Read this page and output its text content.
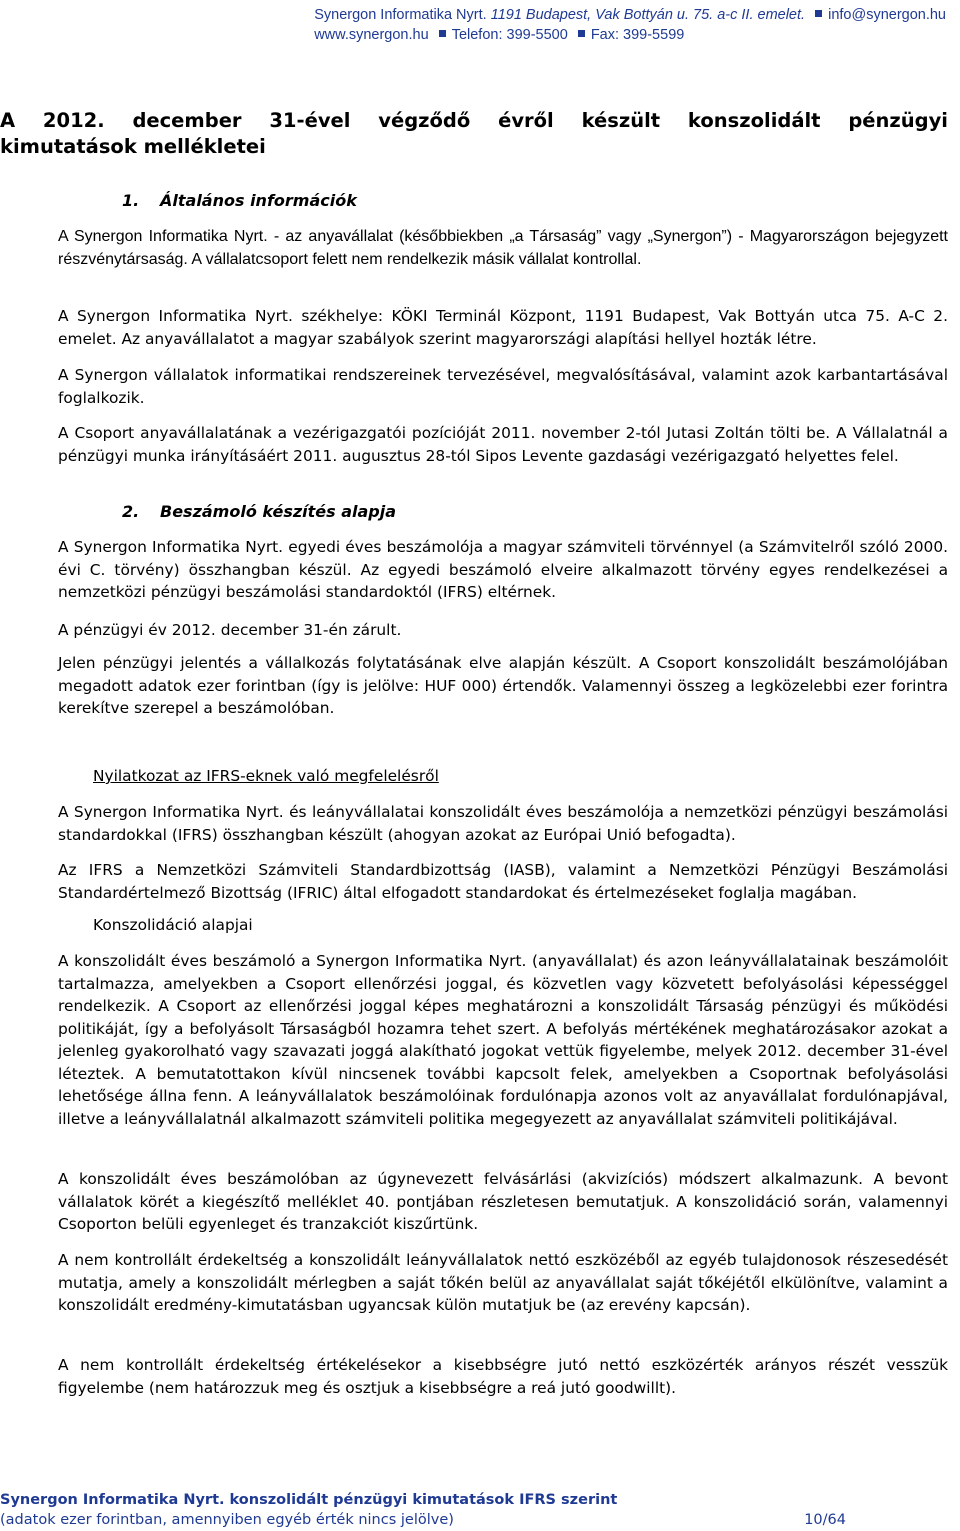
Synergon Informatika Nyrt. 1191 Budapest, Vak Bottyán u. 75. a-c II. emelet. info@synergon.hu
www.synergon.hu Telefon: 399-5500 Fax: 399-5599
A 2012. december 31-ével végződő évről készült konszolidált pénzügyi
kimutatások mellékletei
1. Általános információk
A Synergon Informatika Nyrt. - az anyavállalat (későbbiekben „a Társaság” vagy „Synergon”) - Magyarországon bejegyzett részvénytársaság. A vállalatcsoport felett nem rendelkezik másik vállalat kontrollal.
A Synergon Informatika Nyrt. székhelye: KÖKI Terminál Központ, 1191 Budapest, Vak Bottyán utca 75. A-C 2. emelet. Az anyavállalatot a magyar szabályok szerint magyarországi alapítási hellyel hozták létre.
A Synergon vállalatok informatikai rendszereinek tervezésével, megvalósításával, valamint azok karbantartásával foglalkozik.
A Csoport anyavállalatának a vezérigazgatói pozícióját 2011. november 2-tól Jutasi Zoltán tölti be. A Vállalatnál a pénzügyi munka irányításáért 2011. augusztus 28-tól Sipos Levente gazdasági vezérigazgató helyettes felel.
2. Beszámoló készítés alapja
A Synergon Informatika Nyrt. egyedi éves beszámolója a magyar számviteli törvénnyel (a Számvitelről szóló 2000. évi C. törvény) összhangban készül. Az egyedi beszámoló elveire alkalmazott törvény egyes rendelkezései a nemzetközi pénzügyi beszámolási standardoktól (IFRS) eltérnek.
A pénzügyi év 2012. december 31-én zárult.
Jelen pénzügyi jelentés a vállalkozás folytatásának elve alapján készült. A Csoport konszolidált beszámolójában megadott adatok ezer forintban (így is jelölve: HUF 000) értendők. Valamennyi összeg a legközelebbi ezer forintra kerekítve szerepel a beszámolóban.
Nyilatkozat az IFRS-eknek való megfelelésről
A Synergon Informatika Nyrt. és leányvállalatai konszolidált éves beszámolója a nemzetközi pénzügyi beszámolási standardokkal (IFRS) összhangban készült (ahogyan azokat az Európai Unió befogadta).
Az IFRS a Nemzetközi Számviteli Standardbizottság (IASB), valamint a Nemzetközi Pénzügyi Beszámolási Standardértelmező Bizottság (IFRIC) által elfogadott standardokat és értelmezéseket foglalja magában.
Konszolidáció alapjai
A konszolidált éves beszámoló a Synergon Informatika Nyrt. (anyavállalat) és azon leányvállalatainak beszámolóit tartalmazza, amelyekben a Csoport ellenőrzési joggal, és közvetlen vagy közvetett befolyásolási képességgel rendelkezik. A Csoport az ellenőrzési joggal képes meghatározni a konszolidált Társaság pénzügyi és működési politikáját, így a befolyásolt Társaságból hozamra tehet szert. A befolyás mértékének meghatározásakor azokat a jelenleg gyakorolható vagy szavazati joggá alakítható jogokat vettük figyelembe, melyek 2012. december 31-ével léteztek. A bemutatottakon kívül nincsenek további kapcsolt felek, amelyekben a Csoportnak befolyásolási lehetősége állna fenn. A leányvállalatok beszámolóinak fordulónapja azonos volt az anyavállalat fordulónapjával, illetve a leányvállalatnál alkalmazott számviteli politika megegyezett az anyavállalat számviteli politikájával.
A konszolidált éves beszámolóban az úgynevezett felvásárlási (akvizíciós) módszert alkalmazunk. A bevont vállalatok körét a kiegészítő melléklet 40. pontjában részletesen bemutatjuk. A konszolidáció során, valamennyi Csoporton belüli egyenleget és tranzakciót kiszűrtünk.
A nem kontrollált érdekeltség a konszolidált leányvállalatok nettó eszközéből az egyéb tulajdonosok részesedését mutatja, amely a konszolidált mérlegben a saját tőkén belül az anyavállalat saját tőkéjétől elkülönítve, valamint a konszolidált eredmény-kimutatásban ugyancsak külön mutatjuk be (az erevény kapcsán).
A nem kontrollált érdekeltség értékelésekor a kisebbségre jutó nettó eszközérték arányos részét vesszük figyelembe (nem határozzuk meg és osztjuk a kisebbségre a reá jutó goodwillt).
Synergon Informatika Nyrt. konszolidált pénzügyi kimutatások IFRS szerint
(adatok ezer forintban, amennyiben egyéb érték nincs jelölve)	10/64
